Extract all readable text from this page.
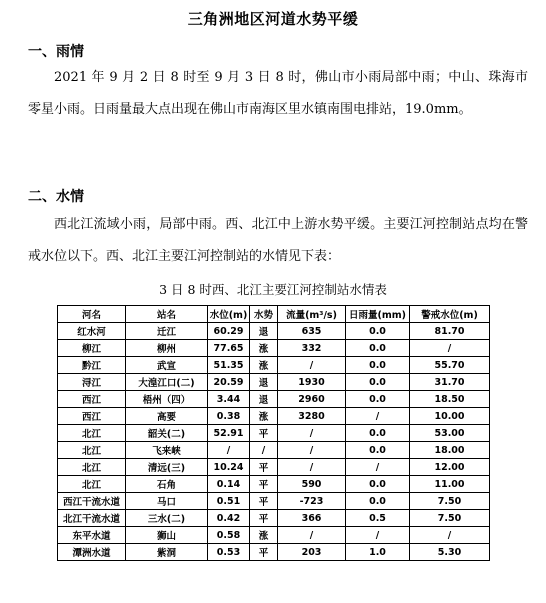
三角洲地区河道水势平缓
一、雨情
2021 年 9 月 2 日 8 时至 9 月 3 日 8 时，佛山市小雨局部中雨；中山、珠海市零星小雨。日雨量最大点出现在佛山市南海区里水镇南围电排站，19.0mm。
二、水情
西北江流域小雨，局部中雨。西、北江中上游水势平缓。主要江河控制站点均在警戒水位以下。西、北江主要江河控制站的水情见下表：
3 日 8 时西、北江主要江河控制站水情表
河名	站名	水位(m)	水势	流量(m³/s)	日雨量(mm)	警戒水位(m)
红水河	迁江	60.29	退	635	0.0	81.70
柳江	柳州	77.65	涨	332	0.0	/
黔江	武宣	51.35	涨	/	0.0	55.70
浔江	大湟江口(二)	20.59	退	1930	0.0	31.70
西江	梧州（四）	3.44	退	2960	0.0	18.50
西江	高要	0.38	涨	3280	/	10.00
北江	韶关(二)	52.91	平	/	0.0	53.00
北江	飞来峡	/	/	/	0.0	18.00
北江	清远(三)	10.24	平	/	/	12.00
北江	石角	0.14	平	590	0.0	11.00
西江干流水道	马口	0.51	平	-723	0.0	7.50
北江干流水道	三水(二)	0.42	平	366	0.5	7.50
东平水道	狮山	0.58	涨	/	/	/
潭洲水道	紫洞	0.53	平	203	1.0	5.30
